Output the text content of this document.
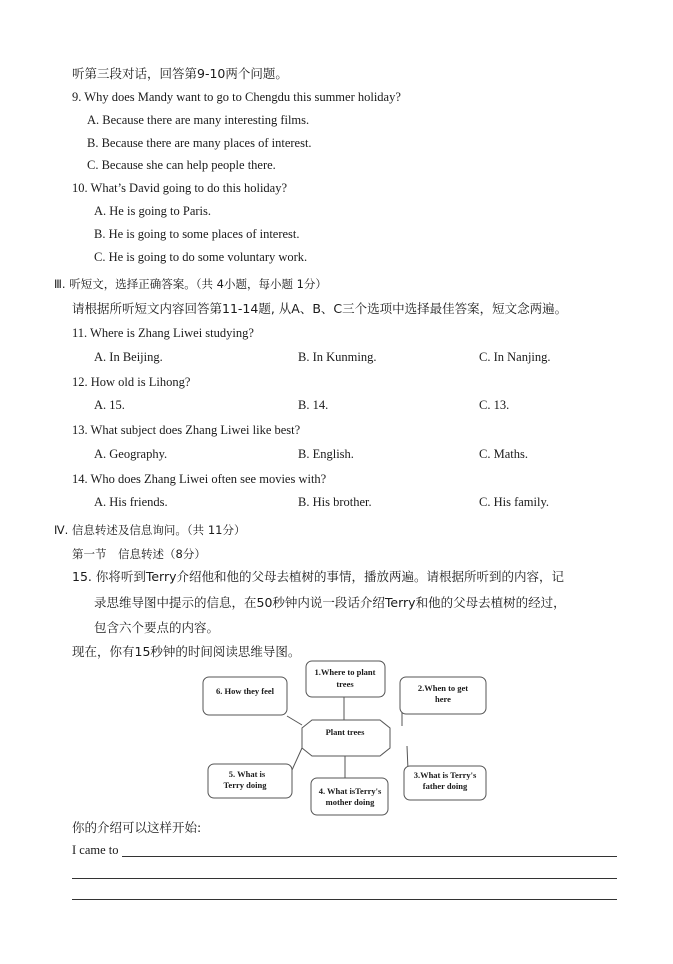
听第三段对话，回答第9-10两个问题。
9. Why does Mandy want to go to Chengdu this summer holiday?
A. Because there are many interesting films.
B. Because there are many places of interest.
C. Because she can help people there.
10. What’s David going to do this holiday?
A. He is going to Paris.
B. He is going to some places of interest.
C. He is going to do some voluntary work.
Ⅲ. 听短文，选择正确答案。（共 4小题，每小题 1分）
请根据所听短文内容回答第11-14题, 从A、B、C三个选项中选择最佳答案，短文念两遍。
11. Where is Zhang Liwei studying?
A. In Beijing.	B. In Kunming.	C. In Nanjing.
12. How old is Lihong?
A. 15.	B. 14.	C. 13.
13. What subject does Zhang Liwei like best?
A. Geography.	B. English.	C. Maths.
14. Who does Zhang Liwei often see movies with?
A. His friends.	B. His brother.	C. His family.
Ⅳ. 信息转述及信息询问。（共 11分）
第一节　信息转述（8分）
15. 你将听到Terry介绍他和他的父母去植树的事情，播放两遍。请根据所听到的内容，记
录思维导图中提示的信息，在50秒钟内说一段话介绍Terry和他的父母去植树的经过，
包含六个要点的内容。
现在，你有15秒钟的时间阅读思维导图。
6. How they feel
1.Where to plant
trees	2.When to get
here
Plant trees
5. What is
Terry doing
4. What isTerry's
mother doing
3.What is Terry's
father doing
你的介绍可以这样开始:
I came to
